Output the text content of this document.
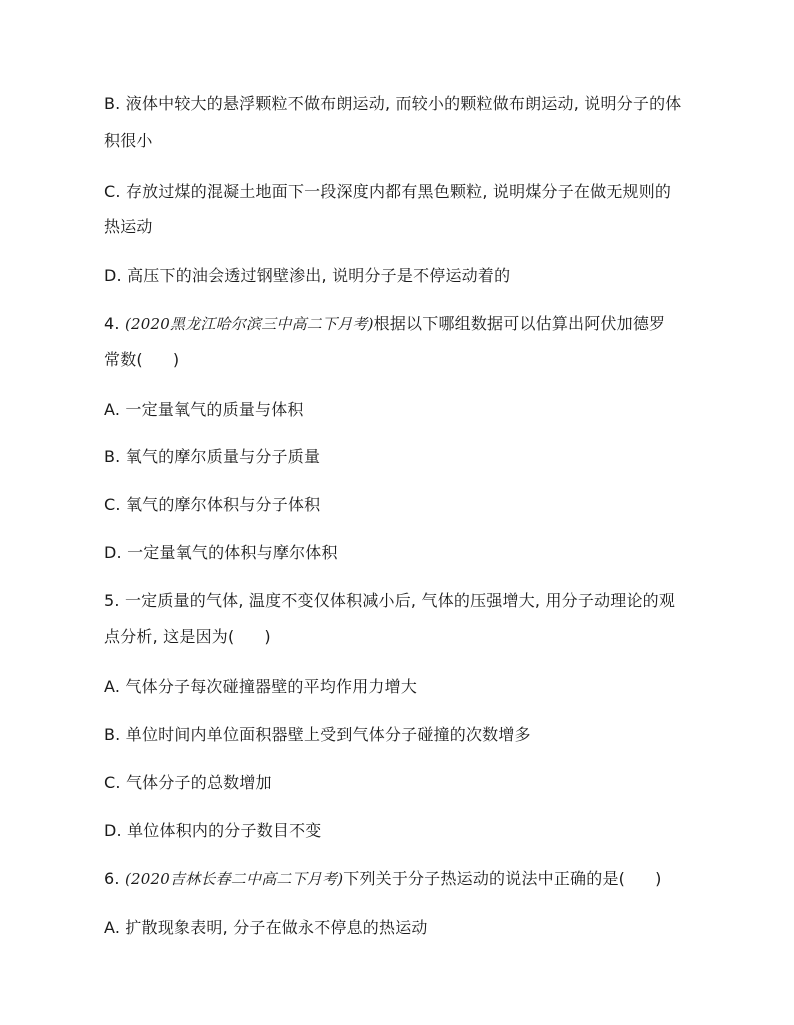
B. 液体中较大的悬浮颗粒不做布朗运动, 而较小的颗粒做布朗运动, 说明分子的体
积很小
C. 存放过煤的混凝土地面下一段深度内都有黑色颗粒, 说明煤分子在做无规则的
热运动
D. 高压下的油会透过钢壁渗出, 说明分子是不停运动着的
4. (2020黑龙江哈尔滨三中高二下月考)根据以下哪组数据可以估算出阿伏加德罗
常数( )
A. 一定量氧气的质量与体积
B. 氧气的摩尔质量与分子质量
C. 氧气的摩尔体积与分子体积
D. 一定量氧气的体积与摩尔体积
5. 一定质量的气体, 温度不变仅体积减小后, 气体的压强增大, 用分子动理论的观
点分析, 这是因为( )
A. 气体分子每次碰撞器壁的平均作用力增大
B. 单位时间内单位面积器壁上受到气体分子碰撞的次数增多
C. 气体分子的总数增加
D. 单位体积内的分子数目不变
6. (2020吉林长春二中高二下月考)下列关于分子热运动的说法中正确的是( )
A. 扩散现象表明, 分子在做永不停息的热运动
